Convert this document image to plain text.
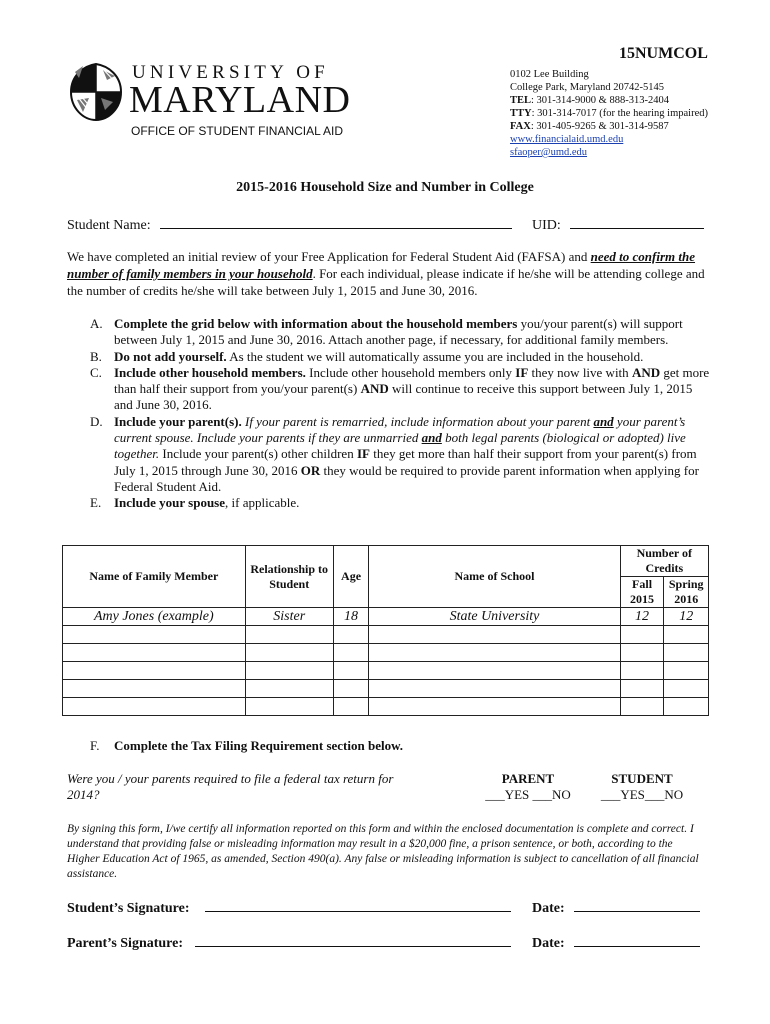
15NUMCOL
UNIVERSITY OF
MARYLAND
OFFICE OF STUDENT FINANCIAL AID
0102 Lee Building
College Park, Maryland 20742-5145
TEL: 301-314-9000 & 888-313-2404
TTY: 301-314-7017 (for the hearing impaired)
FAX: 301-405-9265 & 301-314-9587
www.financialaid.umd.edu
sfaoper@umd.edu
2015-2016 Household Size and Number in College
Student Name:	UID:
We have completed an initial review of your Free Application for Federal Student Aid (FAFSA) and need to confirm the number of family members in your household. For each individual, please indicate if he/she will be attending college and the number of credits he/she will take between July 1, 2015 and June 30, 2016.
A. Complete the grid below with information about the household members you/your parent(s) will support between July 1, 2015 and June 30, 2016. Attach another page, if necessary, for additional family members.
B. Do not add yourself. As the student we will automatically assume you are included in the household.
C. Include other household members. Include other household members only IF they now live with AND get more than half their support from you/your parent(s) AND will continue to receive this support between July 1, 2015 and June 30, 2016.
D. Include your parent(s). If your parent is remarried, include information about your parent and your parent’s current spouse. Include your parents if they are unmarried and both legal parents (biological or adopted) live together. Include your parent(s) other children IF they get more than half their support from your parent(s) from July 1, 2015 through June 30, 2016 OR they would be required to provide parent information when applying for Federal Student Aid.
E. Include your spouse, if applicable.
Name of Family Member	Relationship to Student	Age	Name of School	Number of Credits	
				Fall 2015	Spring 2016
Amy Jones (example)	Sister	18	State University	12	12

F. Complete the Tax Filing Requirement section below.
Were you / your parents required to file a federal tax return for 2014?
PARENT
___YES ___NO
STUDENT
___YES___NO
By signing this form, I/we certify all information reported on this form and within the enclosed documentation is complete and correct. I understand that providing false or misleading information may result in a $20,000 fine, a prison sentence, or both, according to the Higher Education Act of 1965, as amended, Section 490(a). Any false or misleading information is subject to cancellation of all financial assistance.
Student’s Signature:	Date:
Parent’s Signature:	Date:
